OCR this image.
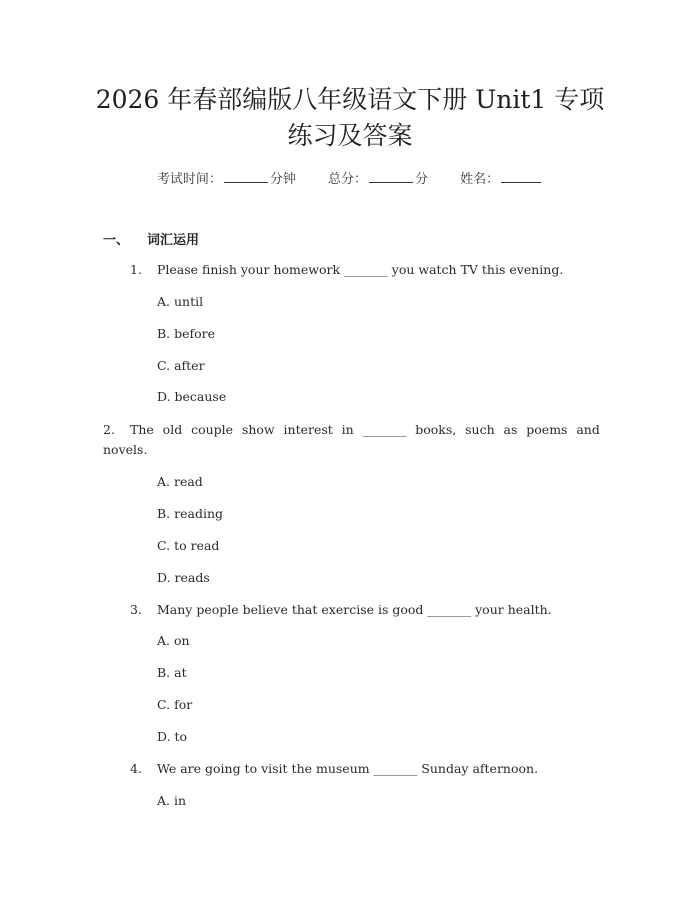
2026 年春部编版八年级语文下册 Unit1 专项
练习及答案
考试时间：	分钟 总分：	分 姓名：
一、 词汇运用
1. Please finish your homework _______ you watch TV this evening.
A. until
B. before
C. after
D. because
2. The old couple show interest in _______ books, such as poems and
novels.
A. read
B. reading
C. to read
D. reads
3. Many people believe that exercise is good _______ your health.
A. on
B. at
C. for
D. to
4. We are going to visit the museum _______ Sunday afternoon.
A. in
